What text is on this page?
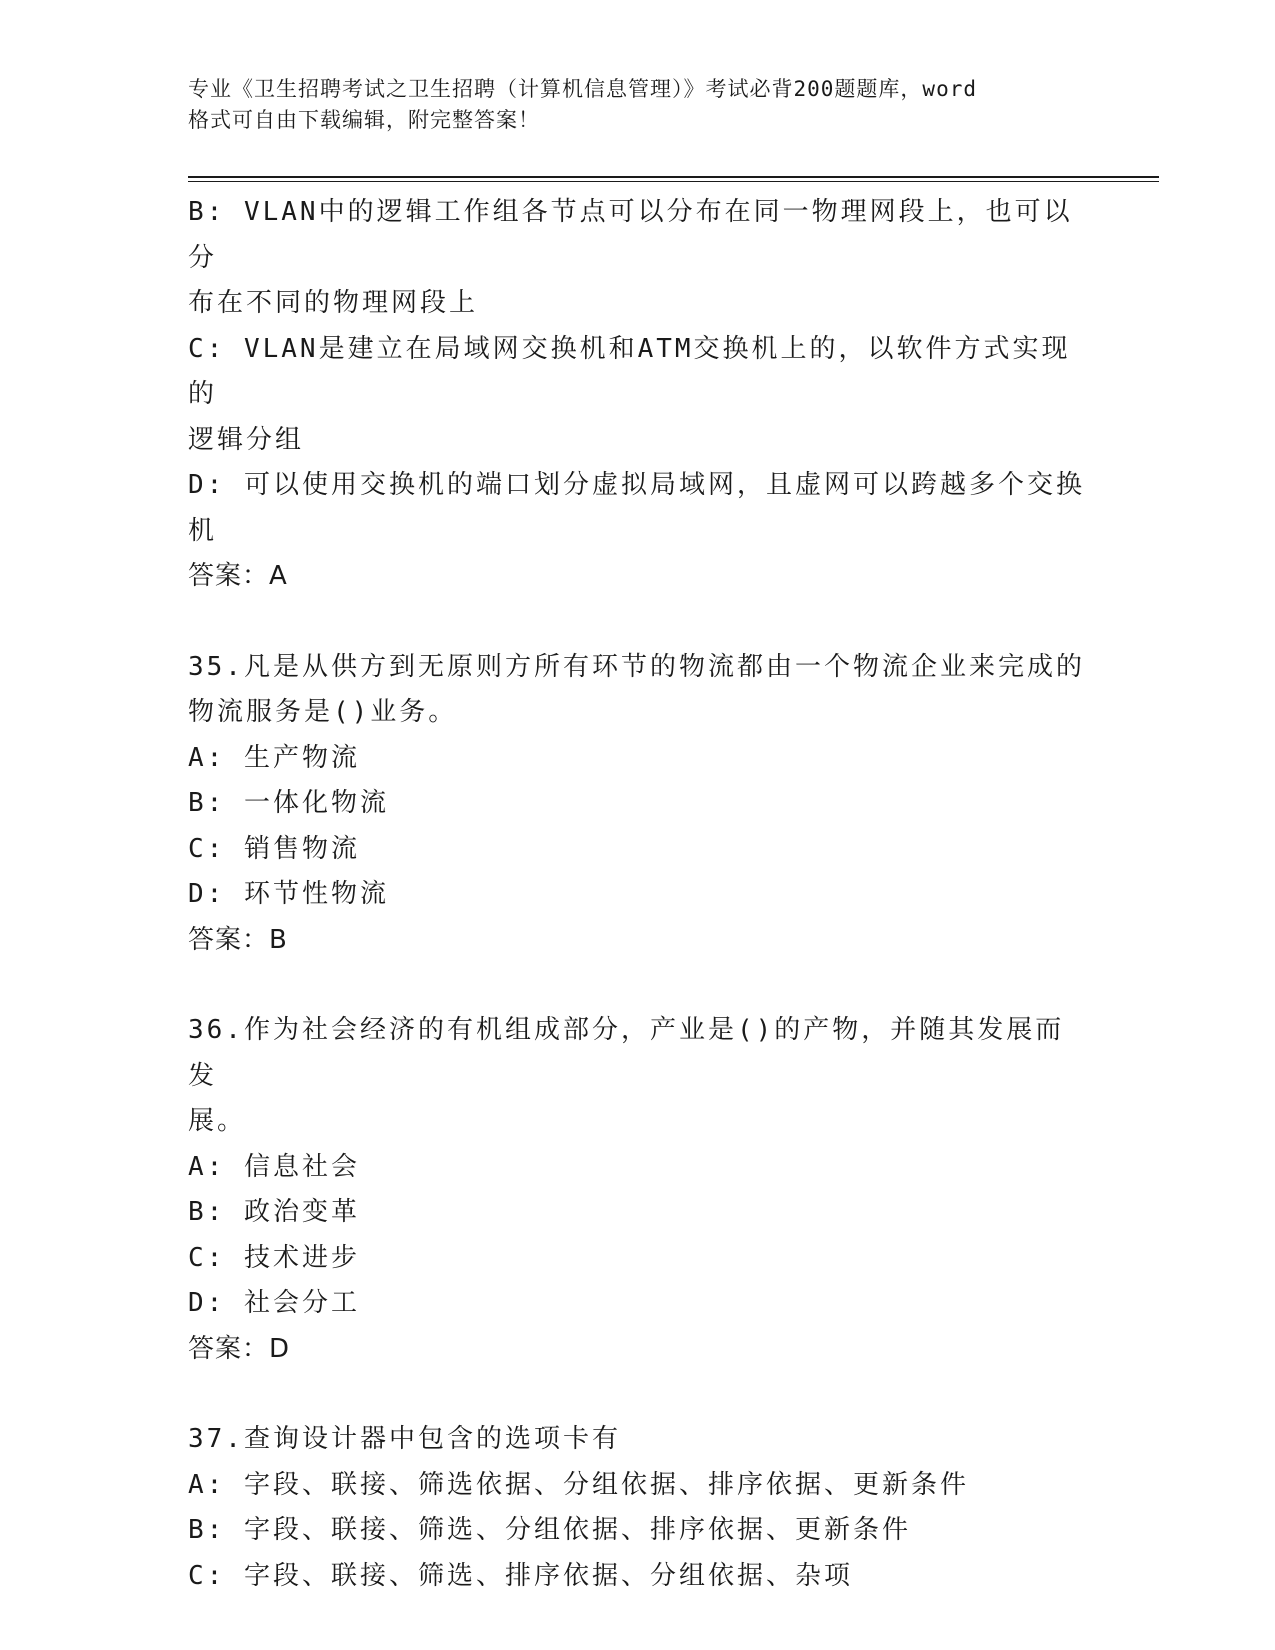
专业《卫生招聘考试之卫生招聘（计算机信息管理）》考试必背200题题库，word
格式可自由下载编辑，附完整答案！
B: VLAN中的逻辑工作组各节点可以分布在同一物理网段上，也可以分
布在不同的物理网段上
C: VLAN是建立在局域网交换机和ATM交换机上的，以软件方式实现的
逻辑分组
D: 可以使用交换机的端口划分虚拟局域网，且虚网可以跨越多个交换
机
答案：A
35.凡是从供方到无原则方所有环节的物流都由一个物流企业来完成的
物流服务是()业务。
A: 生产物流
B: 一体化物流
C: 销售物流
D: 环节性物流
答案：B
36.作为社会经济的有机组成部分，产业是()的产物，并随其发展而发
展。
A: 信息社会
B: 政治变革
C: 技术进步
D: 社会分工
答案：D
37.查询设计器中包含的选项卡有
A: 字段、联接、筛选依据、分组依据、排序依据、更新条件
B: 字段、联接、筛选、分组依据、排序依据、更新条件
C: 字段、联接、筛选、排序依据、分组依据、杂项
